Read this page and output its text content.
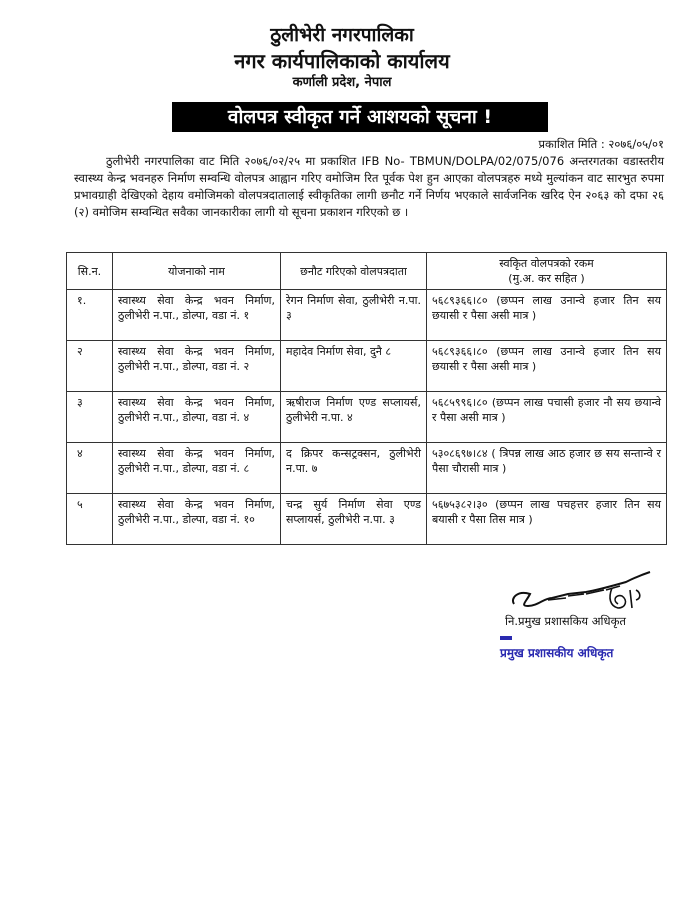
ठुलीभेरी नगरपालिका
नगर कार्यपालिकाको कार्यालय
कर्णाली प्रदेश, नेपाल
वोलपत्र स्वीकृत गर्ने आशयको सूचना !
प्रकाशित मिति : २०७६/०५/०१
ठुलीभेरी नगरपालिका वाट मिति २०७६/०२/२५ मा प्रकाशित IFB No- TBMUN/DOLPA/02/075/076 अन्तरगतका वडास्तरीय स्वास्थ्य केन्द्र भवनहरु निर्माण सम्वन्धि वोलपत्र आह्वान गरिए वमोजिम रित पूर्वक पेश हुन आएका वोलपत्रहरु मध्ये मुल्यांकन वाट सारभुत रुपमा प्रभावग्राही देखिएको देहाय वमोजिमको वोलपत्रदातालाई स्वीकृतिका लागी छनौट गर्ने निर्णय भएकाले सार्वजनिक खरिद ऐन २०६३ को दफा २६ (२) वमोजिम सम्वन्धित सवैका जानकारीका लागी यो सूचना प्रकाशन गरिएको छ ।
सि.न.	योजनाको नाम	छनौट गरिएको वोलपत्रदाता	स्वकृित वोलपत्रको रकम
(मु.अ. कर सहित )

१.	स्वास्थ्य सेवा केन्द्र भवन निर्माण, ठुलीभेरी न.पा., डोल्पा, वडा नं. १	रेगन निर्माण सेवा, ठुलीभेरी न.पा. ३	५६८९३६६।८० (छप्पन लाख उनान्वे हजार तिन सय छयासी र पैसा असी मात्र )
२	स्वास्थ्य सेवा केन्द्र भवन निर्माण, ठुलीभेरी न.पा., डोल्पा, वडा नं. २	महादेव निर्माण सेवा, दुनै ८	५६८९३६६।८० (छप्पन लाख उनान्वे हजार तिन सय छयासी र पैसा असी मात्र )
३	स्वास्थ्य सेवा केन्द्र भवन निर्माण, ठुलीभेरी न.पा., डोल्पा, वडा नं. ४	ऋषीराज निर्माण एण्ड सप्लायर्स, ठुलीभेरी न.पा. ४	५६८५९९६।८० (छप्पन लाख पचासी हजार नौ सय छयान्वे र पैसा असी मात्र )
४	स्वास्थ्य सेवा केन्द्र भवन निर्माण, ठुलीभेरी न.पा., डोल्पा, वडा नं. ८	द क्रिपर कन्सट्रक्सन, ठुलीभेरी न.पा. ७	५३०८६९७।८४ ( त्रिपन्न लाख आठ हजार छ सय सन्तान्वे र पैसा चौरासी मात्र )
५	स्वास्थ्य सेवा केन्द्र भवन निर्माण, ठुलीभेरी न.पा., डोल्पा, वडा नं. १०	चन्द्र सुर्य निर्माण सेवा एण्ड सप्लायर्स, ठुलीभेरी न.पा. ३	५६७५३८२।३० (छप्पन लाख पचहत्तर हजार तिन सय बयासी र पैसा तिस मात्र )
नि.प्रमुख प्रशासकिय अधिकृत
प्रमुख प्रशासकीय अधिकृत
